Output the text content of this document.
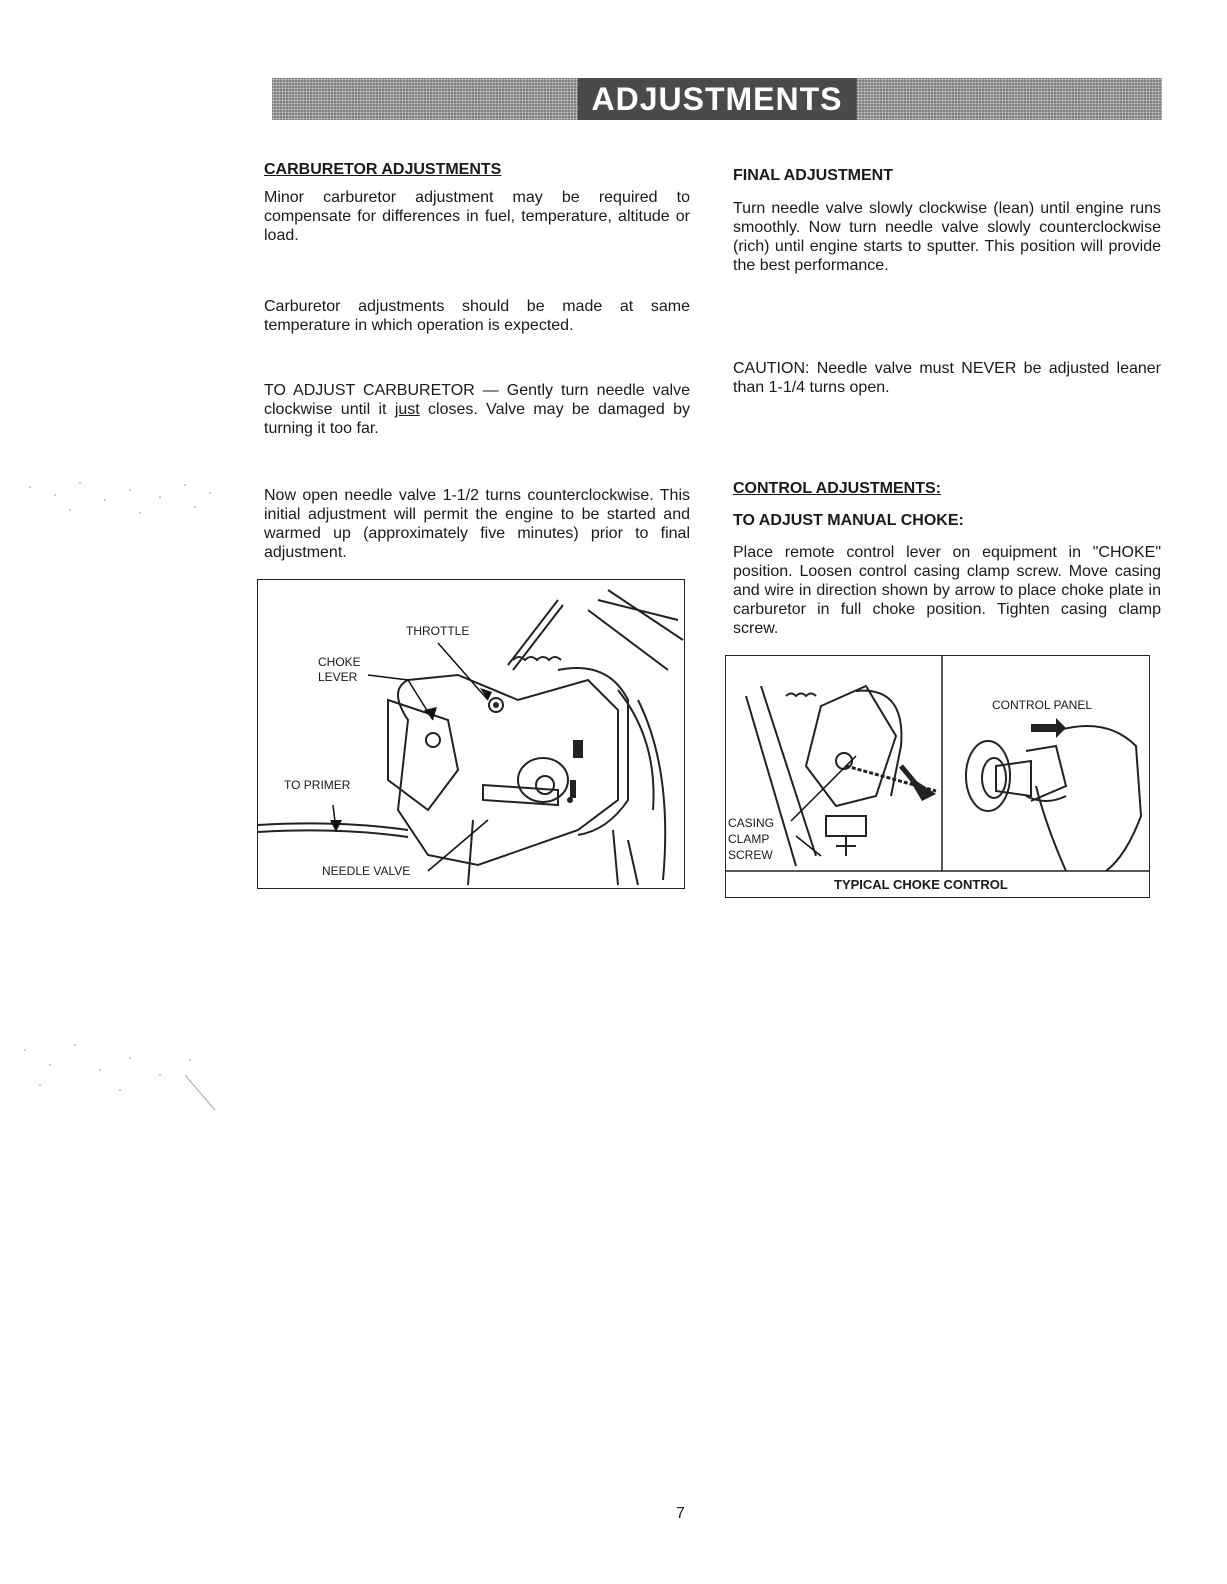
ADJUSTMENTS
CARBURETOR ADJUSTMENTS

Minor carburetor adjustment may be required to compensate for differences in fuel, temperature, altitude or load.

Carburetor adjustments should be made at same temperature in which operation is expected.

TO ADJUST CARBURETOR — Gently turn needle valve clockwise until it just closes. Valve may be damaged by turning it too far.

Now open needle valve 1-1/2 turns counterclockwise. This initial adjustment will permit the engine to be started and warmed up (approximately five minutes) prior to final adjustment.

THROTTLE
CHOKE
LEVER
TO PRIMER
NEEDLE VALVE
FINAL ADJUSTMENT

Turn needle valve slowly clockwise (lean) until engine runs smoothly. Now turn needle valve slowly counterclockwise (rich) until engine starts to sputter. This position will provide the best performance.

CAUTION: Needle valve must NEVER be adjusted leaner than 1-1/4 turns open.

CONTROL ADJUSTMENTS:
TO ADJUST MANUAL CHOKE:

Place remote control lever on equipment in "CHOKE" position. Loosen control casing clamp screw. Move casing and wire in direction shown by arrow to place choke plate in carburetor in full choke position. Tighten casing clamp screw.

CASING
CLAMP
SCREW
CONTROL PANEL
TYPICAL CHOKE CONTROL
7
